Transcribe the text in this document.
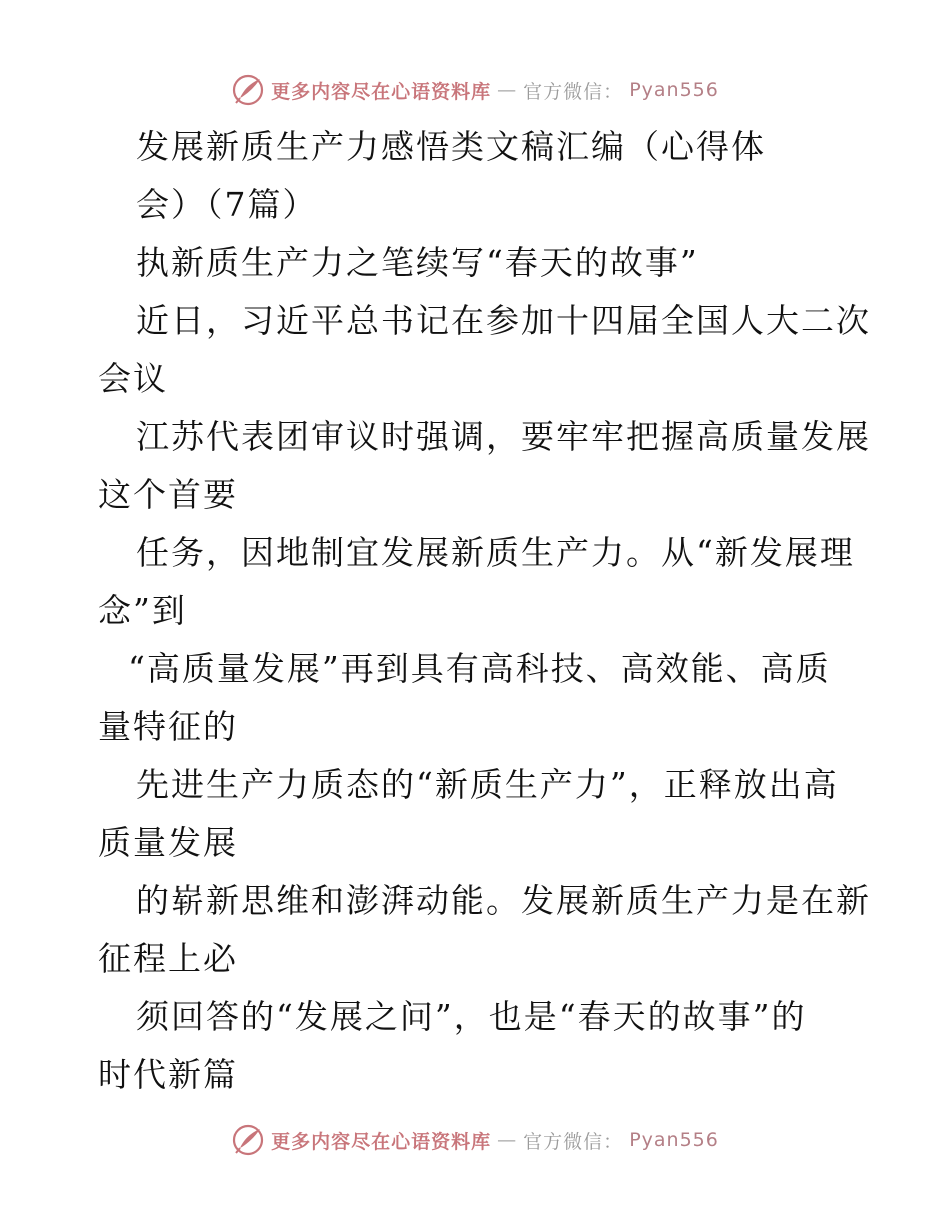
更多内容尽在心语资料库 — 官方微信： Pyan556
发展新质生产力感悟类文稿汇编（心得体
会）（7篇）
执新质生产力之笔续写“春天的故事”
近日，习近平总书记在参加十四届全国人大二次
会议
江苏代表团审议时强调，要牢牢把握高质量发展
这个首要
任务，因地制宜发展新质生产力。从“新发展理
念”到
“高质量发展”再到具有高科技、高效能、高质
量特征的
先进生产力质态的“新质生产力”，正释放出高
质量发展
的崭新思维和澎湃动能。发展新质生产力是在新
征程上必
须回答的“发展之问”，也是“春天的故事”的
时代新篇
更多内容尽在心语资料库 — 官方微信： Pyan556
